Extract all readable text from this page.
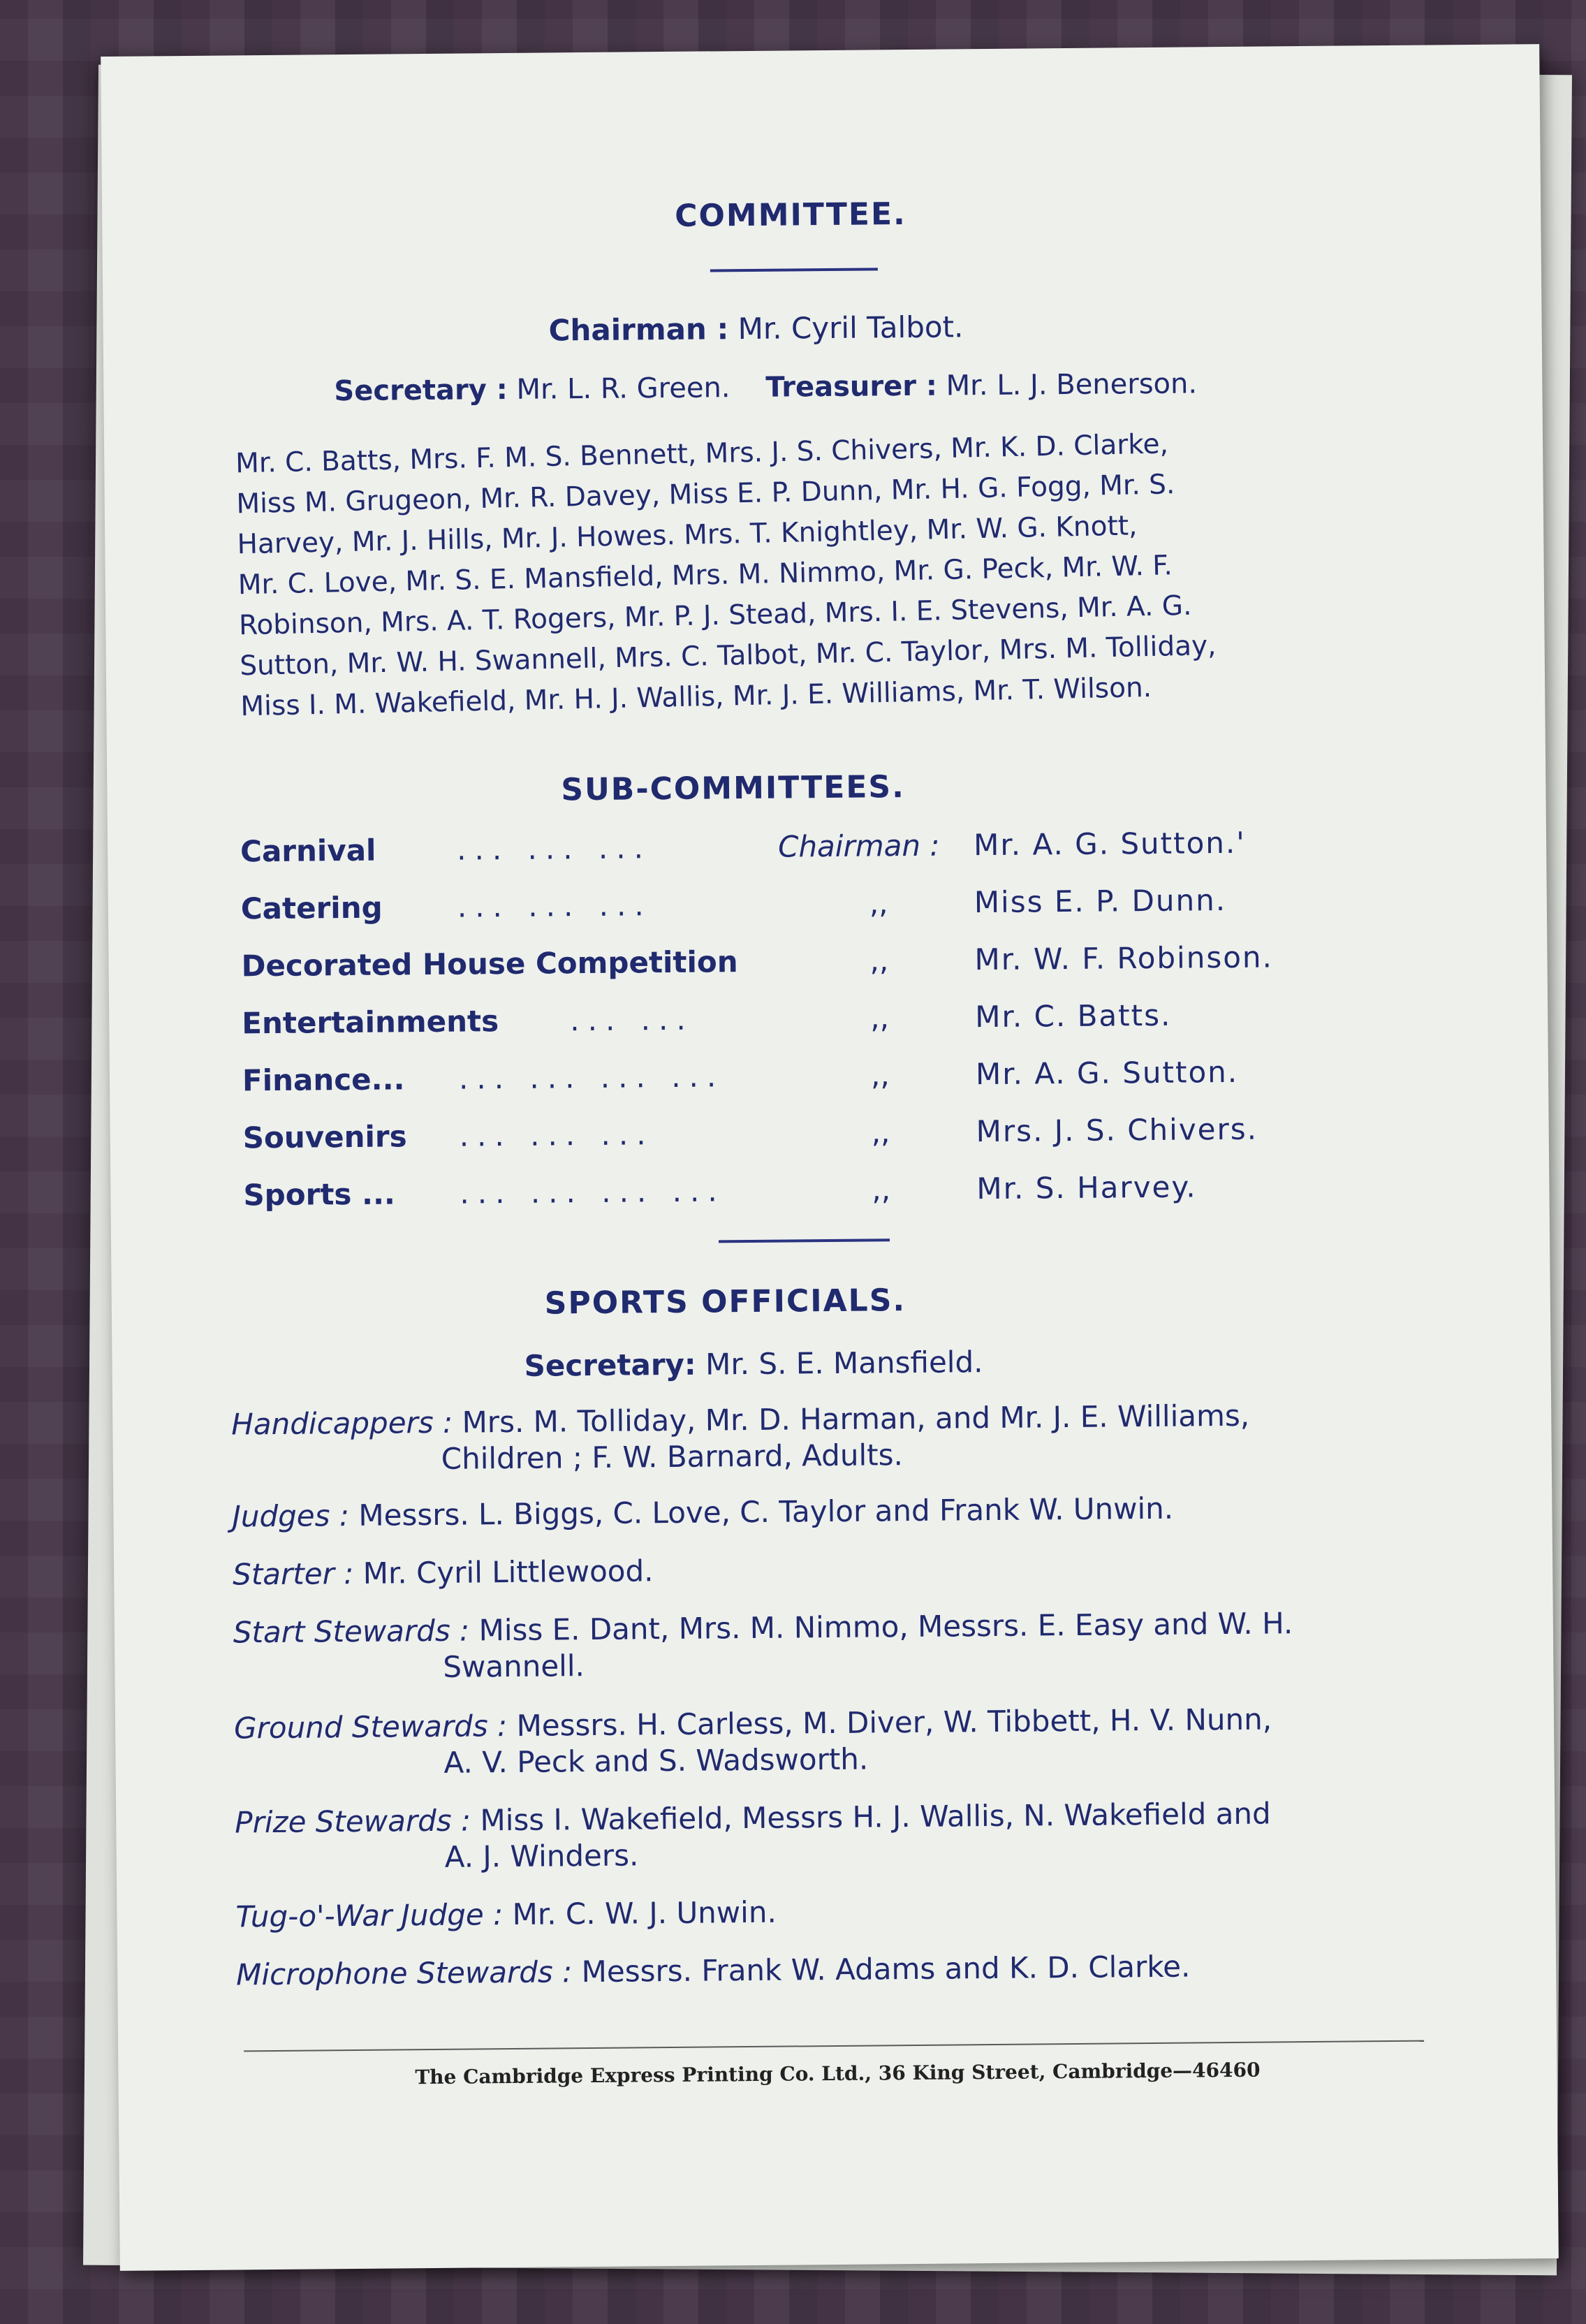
COMMITTEE.
Chairman : Mr. Cyril Talbot.
Secretary : Mr. L. R. Green. Treasurer : Mr. L. J. Benerson.

Mr. C. Batts, Mrs. F. M. S. Bennett, Mrs. J. S. Chivers, Mr. K. D. Clarke,

Miss M. Grugeon, Mr. R. Davey, Miss E. P. Dunn, Mr. H. G. Fogg, Mr. S.

Harvey, Mr. J. Hills, Mr. J. Howes. Mrs. T. Knightley, Mr. W. G. Knott,

Mr. C. Love, Mr. S. E. Mansfield, Mrs. M. Nimmo, Mr. G. Peck, Mr. W. F.

Robinson, Mrs. A. T. Rogers, Mr. P. J. Stead, Mrs. I. E. Stevens, Mr. A. G.

Sutton, Mr. W. H. Swannell, Mrs. C. Talbot, Mr. C. Taylor, Mrs. M. Tolliday,

Miss I. M. Wakefield, Mr. H. J. Wallis, Mr. J. E. Williams, Mr. T. Wilson.

SUB-COMMITTEES.
Carnival	... ... ...	Chairman : Mr. A. G. Sutton.'
Catering	... ... ...	,,	Miss E. P. Dunn.
Decorated House Competition	,,	Mr. W. F. Robinson.
Entertainments ... ...	,,	Mr. C. Batts.
Finance... ... ... ... ...	,,	Mr. A. G. Sutton.
Souvenirs ... ... ...	,,	Mrs. J. S. Chivers.
Sports ... ... ... ... ...	,,	Mr. S. Harvey.
SPORTS OFFICIALS.
Secretary: Mr. S. E. Mansfield.
Handicappers : Mrs. M. Tolliday, Mr. D. Harman, and Mr. J. E. Williams,
Children ; F. W. Barnard, Adults.
Judges : Messrs. L. Biggs, C. Love, C. Taylor and Frank W. Unwin.
Starter : Mr. Cyril Littlewood.
Start Stewards : Miss E. Dant, Mrs. M. Nimmo, Messrs. E. Easy and W. H.
Swannell.
Ground Stewards : Messrs. H. Carless, M. Diver, W. Tibbett, H. V. Nunn,
A. V. Peck and S. Wadsworth.
Prize Stewards : Miss I. Wakefield, Messrs H. J. Wallis, N. Wakefield and
A. J. Winders.
Tug-o'-War Judge : Mr. C. W. J. Unwin.
Microphone Stewards : Messrs. Frank W. Adams and K. D. Clarke.
The Cambridge Express Printing Co. Ltd., 36 King Street, Cambridge—46460
